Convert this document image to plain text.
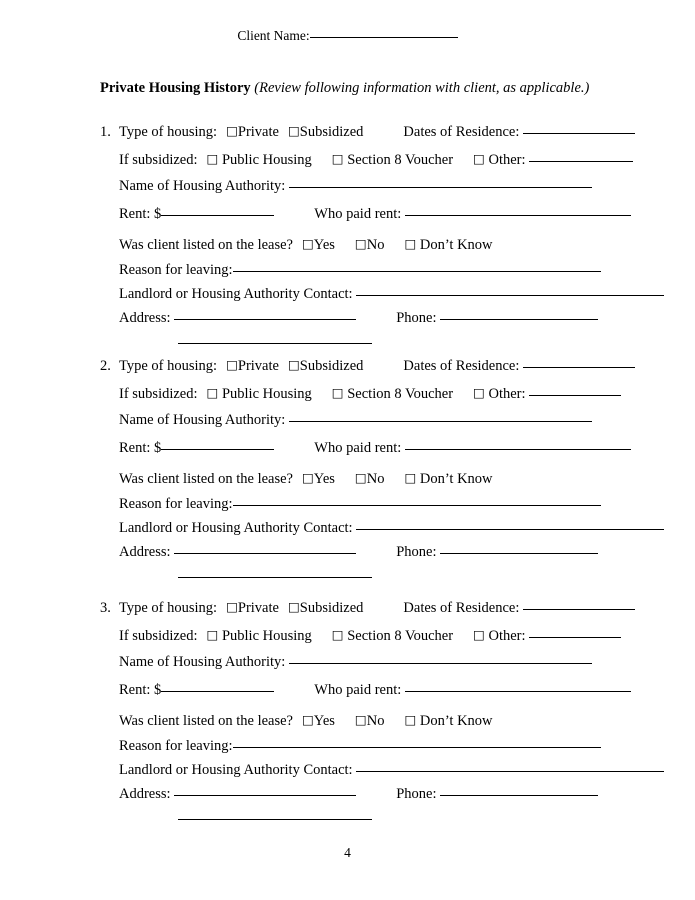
Client Name:
Private Housing History (Review following information with client, as applicable.)
1. Type of housing: □Private □Subsidized	Dates of Residence:
If subsidized: □ Public Housing □ Section 8 Voucher □ Other:
Name of Housing Authority:
Rent: $	Who paid rent:
Was client listed on the lease? □Yes □No □ Don’t Know
Reason for leaving:
Landlord or Housing Authority Contact:
Address:	Phone:
2. Type of housing: □Private □Subsidized	Dates of Residence:
If subsidized: □ Public Housing □ Section 8 Voucher □ Other:
Name of Housing Authority:
Rent: $	Who paid rent:
Was client listed on the lease? □Yes □No □ Don’t Know
Reason for leaving:
Landlord or Housing Authority Contact:
Address:	Phone:
3. Type of housing: □Private □Subsidized	Dates of Residence:
If subsidized: □ Public Housing □ Section 8 Voucher □ Other:
Name of Housing Authority:
Rent: $	Who paid rent:
Was client listed on the lease? □Yes □No □ Don’t Know
Reason for leaving:
Landlord or Housing Authority Contact:
Address:	Phone:
4
